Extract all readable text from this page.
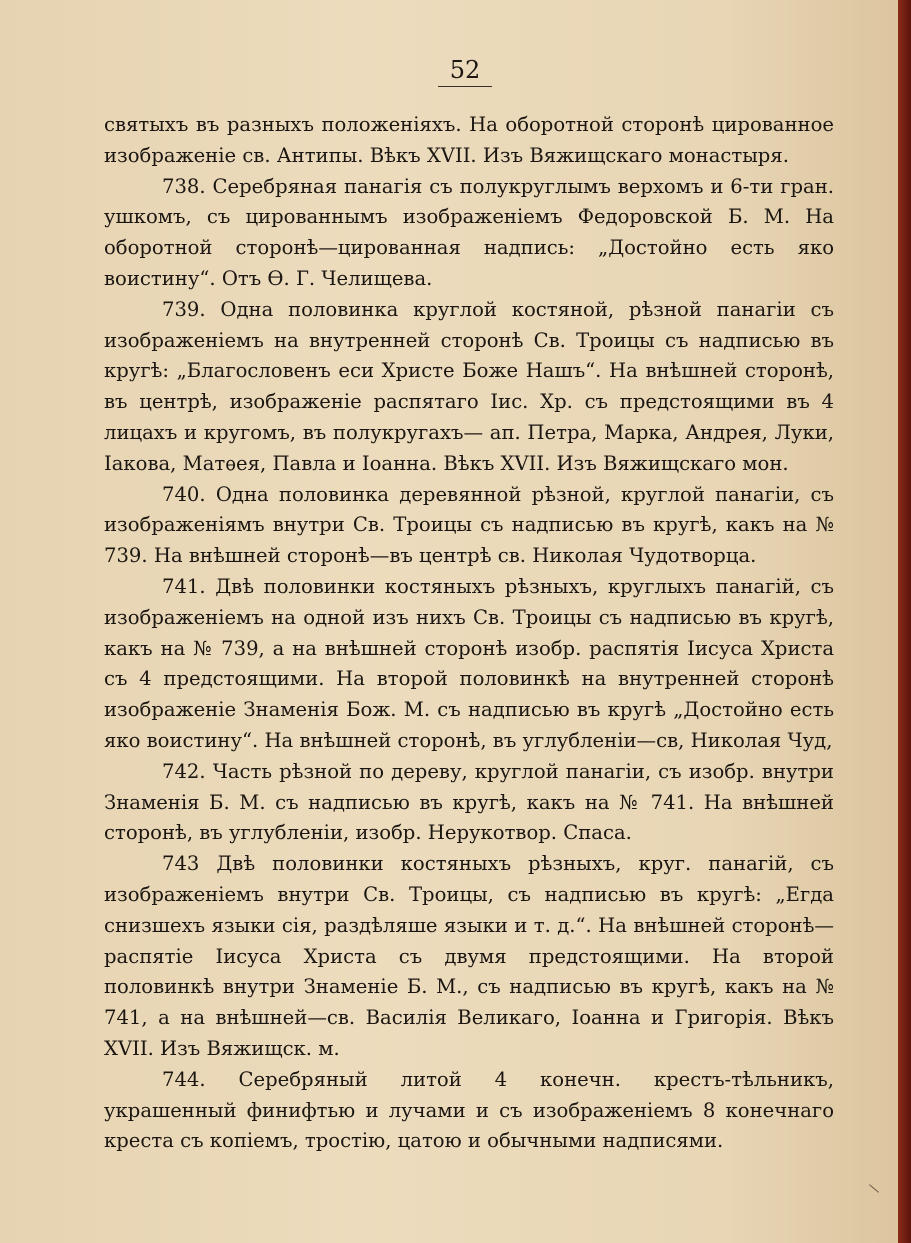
52

святыхъ въ разныхъ положеніяхъ. На оборотной сторонѣ цированное изображеніе св. Антипы. Вѣкъ XVII. Изъ Вяжищскаго монастыря.

738. Серебряная панагія съ полукруглымъ верхомъ и 6-ти гран. ушкомъ, съ цированнымъ изображеніемъ Федоровской Б. М. На оборотной сторонѣ—цированная надпись: „Достойно есть яко воистину“. Отъ Ѳ. Г. Челищева.

739. Одна половинка круглой костяной, рѣзной панагіи съ изображеніемъ на внутренней сторонѣ Св. Троицы съ надписью въ кругѣ: „Благословенъ еси Христе Боже Нашъ“. На внѣшней сторонѣ, въ центрѣ, изображеніе распятаго Іис. Хр. съ предстоящими въ 4 лицахъ и кругомъ, въ полукругахъ— ап. Петра, Марка, Андрея, Луки, Іакова, Матѳея, Павла и Іоанна. Вѣкъ XVII. Изъ Вяжищскаго мон.

740. Одна половинка деревянной рѣзной, круглой панагіи, съ изображеніямъ внутри Св. Троицы съ надписью въ кругѣ, какъ на № 739. На внѣшней сторонѣ—въ центрѣ св. Николая Чудотворца.

741. Двѣ половинки костяныхъ рѣзныхъ, круглыхъ панагій, съ изображеніемъ на одной изъ нихъ Св. Троицы съ надписью въ кругѣ, какъ на № 739, а на внѣшней сторонѣ изобр. распятія Іисуса Христа съ 4 предстоящими. На второй половинкѣ на внутренней сторонѣ изображеніе Знаменія Бож. М. съ надписью въ кругѣ „Достойно есть яко воистину“. На внѣшней сторонѣ, въ углубленіи—св, Николая Чуд,

742. Часть рѣзной по дереву, круглой панагіи, съ изобр. внутри Знаменія Б. М. съ надписью въ кругѣ, какъ на № 741. На внѣшней сторонѣ, въ углубленіи, изобр. Нерукотвор. Спаса.

743 Двѣ половинки костяныхъ рѣзныхъ, круг. панагій, съ изображеніемъ внутри Св. Троицы, съ надписью въ кругѣ: „Егда снизшехъ языки сія, раздѣляше языки и т. д.“. На внѣшней сторонѣ—распятіе Іисуса Христа съ двумя предстоящими. На второй половинкѣ внутри Знаменіе Б. М., съ надписью въ кругѣ, какъ на № 741, а на внѣшней—св. Василія Великаго, Іоанна и Григорія. Вѣкъ XVII. Изъ Вяжищск. м.

744. Серебряный литой 4 конечн. крестъ-тѣльникъ, украшенный финифтью и лучами и съ изображеніемъ 8 конечнаго креста съ копіемъ, тростію, цатою и обычными надписями.
